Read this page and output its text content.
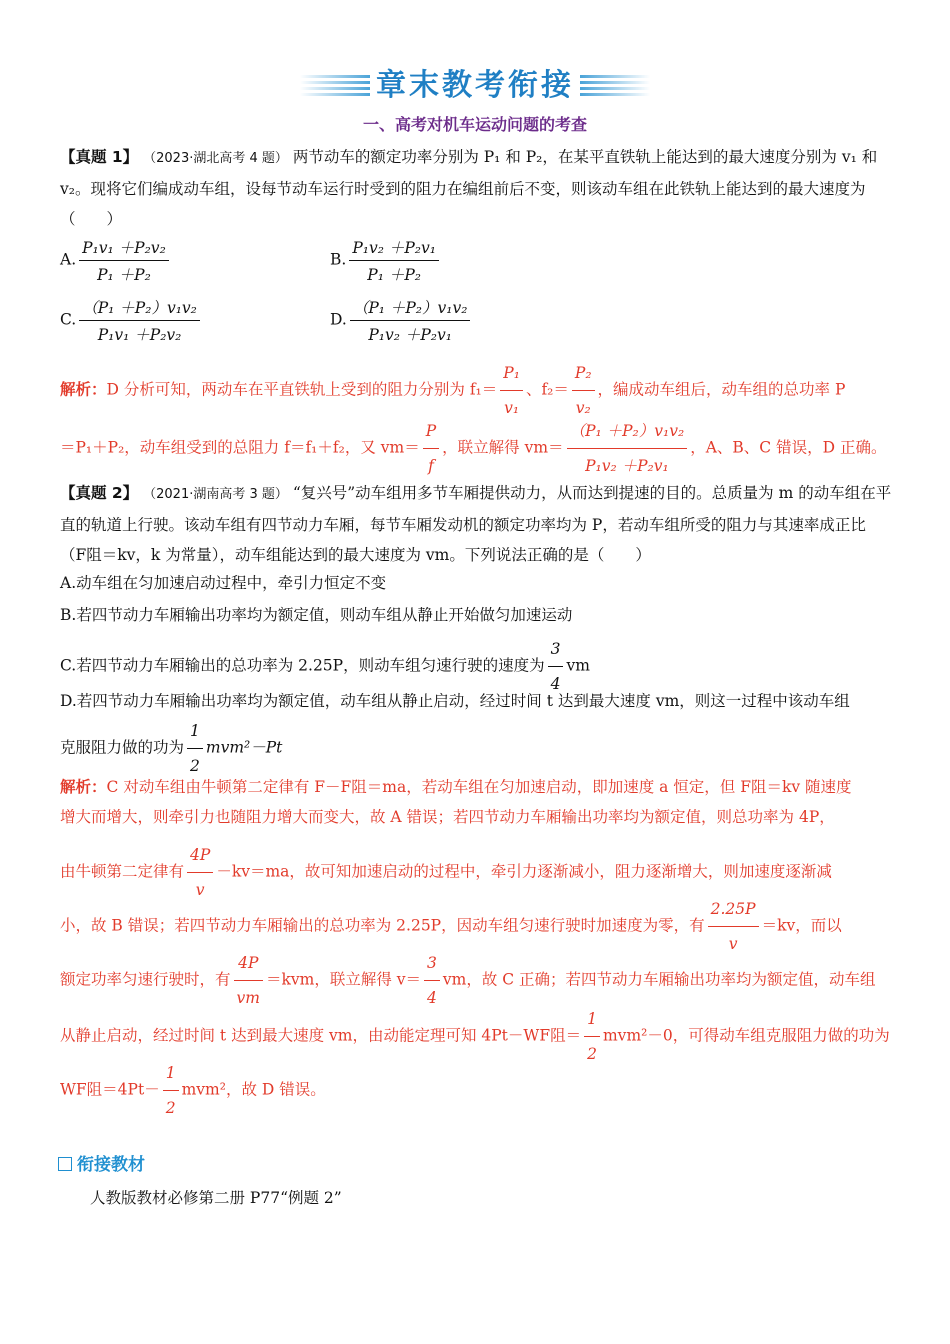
章末教考衔接
一、高考对机车运动问题的考查

【真题 1】 （2023·湖北高考 4 题） 两节动车的额定功率分别为 P₁ 和 P₂，在某平直铁轨上能达到的最大速度分别为 v₁ 和 v₂。现将它们编成动车组，设每节动车运行时受到的阻力在编组前后不变，则该动车组在此铁轨上能达到的最大速度为（　　）

A. $\frac{\text{P₁v₁ ＋P₂v₂}}{\text{P₁ ＋P₂}}$	B. $\frac{\text{P₁v₂ ＋P₂v₁}}{\text{P₁ ＋P₂}}$
C. $\frac{\text{（P₁ ＋P₂）v₁v₂}}{\text{P₁v₁ ＋P₂v₂}}$	D. $\frac{\text{（P₁ ＋P₂）v₁v₂}}{\text{P₁v₂ ＋P₂v₁}}$

解析：D 分析可知，两动车在平直铁轨上受到的阻力分别为 $f_1= \frac{\text{P₁}}{\text{v₁}}$ 、$f_2= \frac{\text{P₂}}{\text{v₂}}$ ，编成动车组后，动车组的总功率 P

＝P₁＋P₂，动车组受到的总阻力 f＝f₁＋f₂，又 $vm= \frac{P}{f}$ ，联立解得 $vm= \frac{\text{（P₁ ＋P₂）v₁v₂}}{\text{P₁v₂ ＋P₂v₁}}$ ，A、B、C 错误，D 正确。

【真题 2】 （2021·湖南高考 3 题） “复兴号”动车组用多节车厢提供动力，从而达到提速的目的。总质量为 m 的动车组在平直的轨道上行驶。该动车组有四节动力车厢，每节车厢发动机的额定功率均为 P，若动车组所受的阻力与其速率成正比（F阻＝kv，k 为常量），动车组能达到的最大速度为 vm。下列说法正确的是（　　）

A.动车组在匀加速启动过程中，牵引力恒定不变

B.若四节动力车厢输出功率均为额定值，则动车组从静止开始做匀加速运动

C.若四节动力车厢输出的总功率为 2.25P，则动车组匀速行驶的速度为 $\frac{3}{4}$ vm

D.若四节动力车厢输出功率均为额定值，动车组从静止启动，经过时间 t 达到最大速度 vm，则这一过程中该动车组
克服阻力做的功为 $\frac{1}{2} mvm^2-Pt$

解析：C 对动车组由牛顿第二定律有 F－F阻＝ma，若动车组在匀加速启动，即加速度 a 恒定，但 F阻＝kv 随速度

增大而增大，则牵引力也随阻力增大而变大，故 A 错误；若四节动力车厢输出功率均为额定值，则总功率为 4P，

由牛顿第二定律有 $\frac{4P}{v} -kv=ma$，故可知加速启动的过程中，牵引力逐渐减小，阻力逐渐增大，则加速度逐渐减

小，故 B 错误；若四节动力车厢输出的总功率为 2.25P，因动车组匀速行驶时加速度为零，有 $\frac{2.25P}{v} =kv$，而以

额定功率匀速行驶时，有 $\frac{4P}{vm} =kvm$，联立解得 $v= \frac{3}{4}$ vm，故 C 正确；若四节动力车厢输出功率均为额定值，动车组

从静止启动，经过时间 t 达到最大速度 vm，由动能定理可知 4Pt－WF阻＝ $\frac{1}{2} mvm^2-0$，可得动车组克服阻力做的功为

WF阻$=4Pt- \frac{1}{2} mvm^2$，故 D 错误。

衔接教材
人教版教材必修第二册 P77“例题 2”
